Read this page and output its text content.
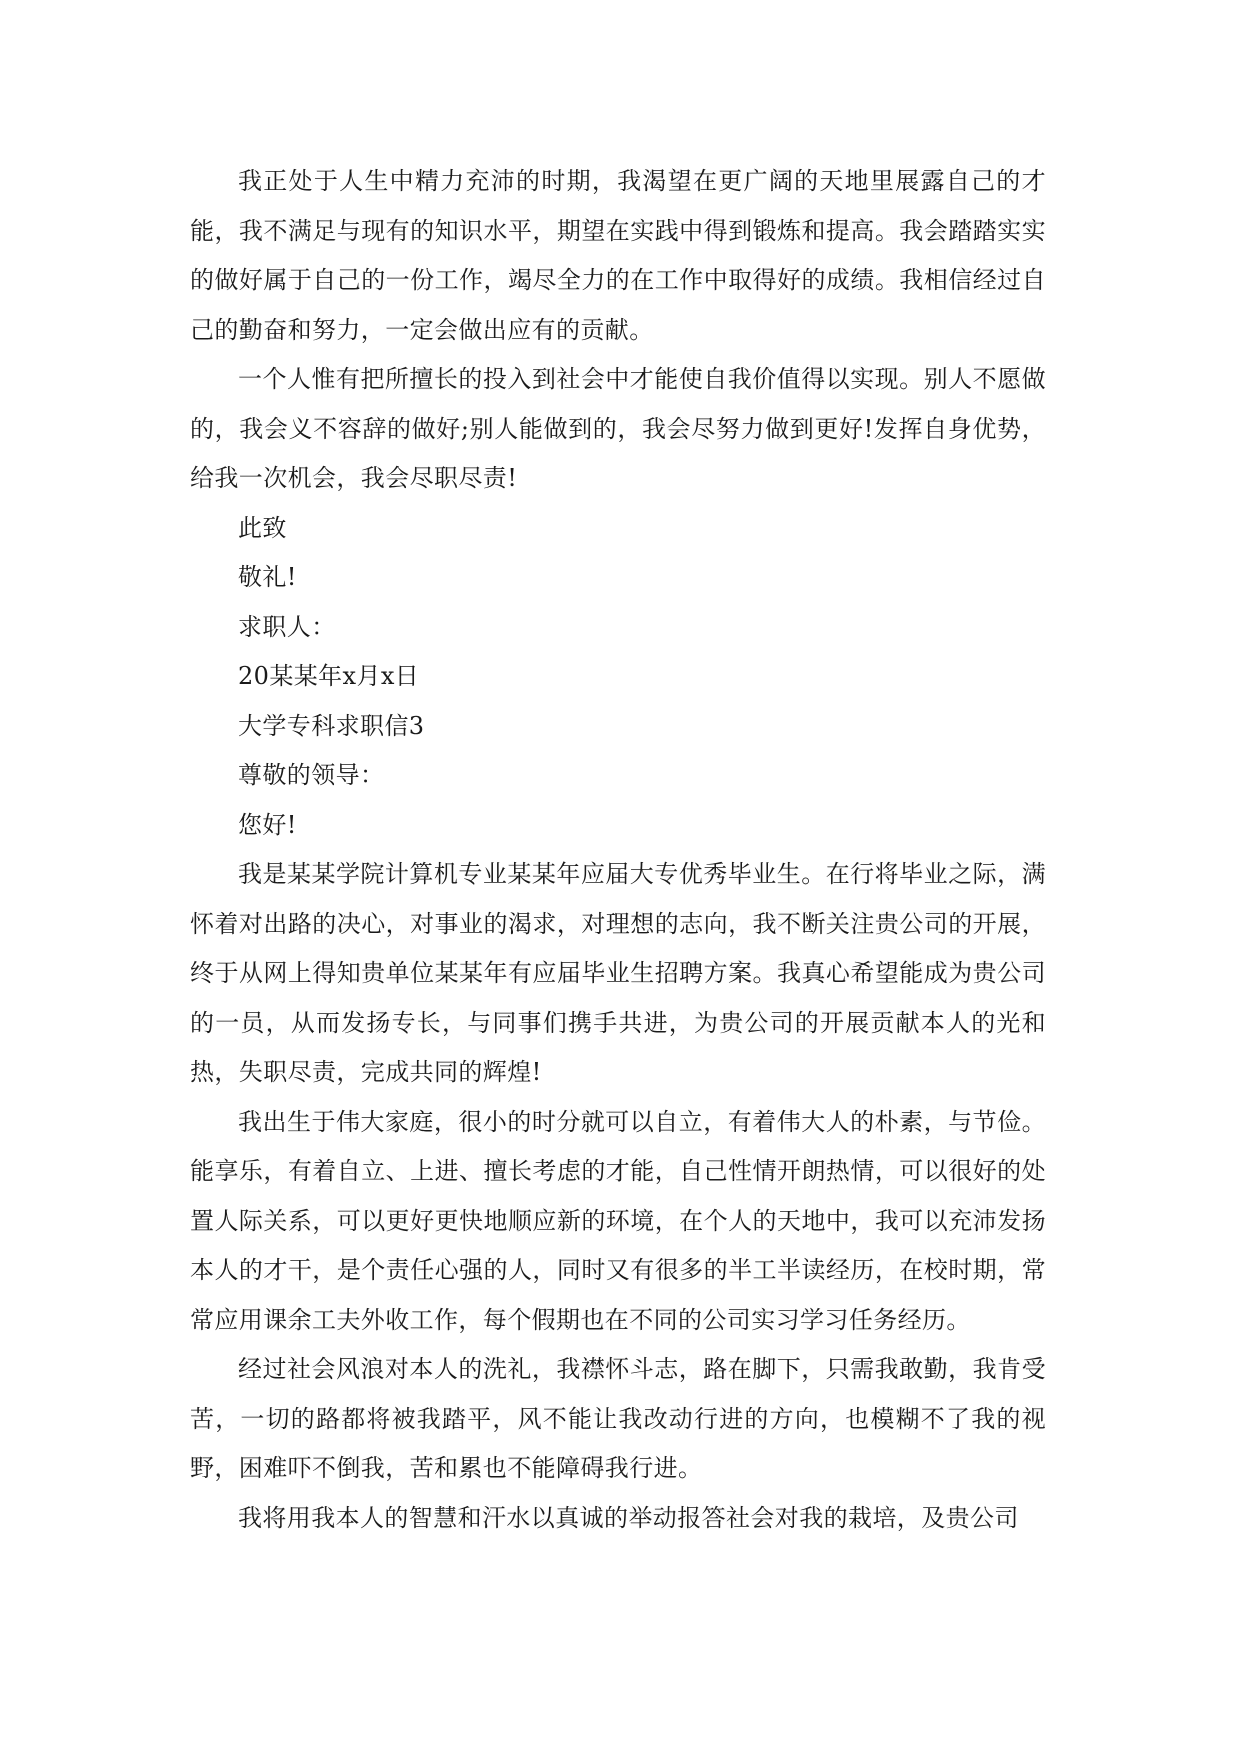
我正处于人生中精力充沛的时期，我渴望在更广阔的天地里展露自己的才能，我不满足与现有的知识水平，期望在实践中得到锻炼和提高。我会踏踏实实的做好属于自己的一份工作，竭尽全力的在工作中取得好的成绩。我相信经过自己的勤奋和努力，一定会做出应有的贡献。

一个人惟有把所擅长的投入到社会中才能使自我价值得以实现。别人不愿做的，我会义不容辞的做好;别人能做到的，我会尽努力做到更好!发挥自身优势，给我一次机会，我会尽职尽责!

此致

敬礼!

求职人：

20某某年x月x日

大学专科求职信3

尊敬的领导：

您好!

我是某某学院计算机专业某某年应届大专优秀毕业生。在行将毕业之际，满怀着对出路的决心，对事业的渴求，对理想的志向，我不断关注贵公司的开展，终于从网上得知贵单位某某年有应届毕业生招聘方案。我真心希望能成为贵公司的一员，从而发扬专长，与同事们携手共进，为贵公司的开展贡献本人的光和热，失职尽责，完成共同的辉煌!

我出生于伟大家庭，很小的时分就可以自立，有着伟大人的朴素，与节俭。能享乐，有着自立、上进、擅长考虑的才能，自己性情开朗热情，可以很好的处置人际关系，可以更好更快地顺应新的环境，在个人的天地中，我可以充沛发扬本人的才干，是个责任心强的人，同时又有很多的半工半读经历，在校时期，常常应用课余工夫外收工作，每个假期也在不同的公司实习学习任务经历。

经过社会风浪对本人的洗礼，我襟怀斗志，路在脚下，只需我敢勤，我肯受苦，一切的路都将被我踏平，风不能让我改动行进的方向，也模糊不了我的视野，困难吓不倒我，苦和累也不能障碍我行进。

我将用我本人的智慧和汗水以真诚的举动报答社会对我的栽培，及贵公司
